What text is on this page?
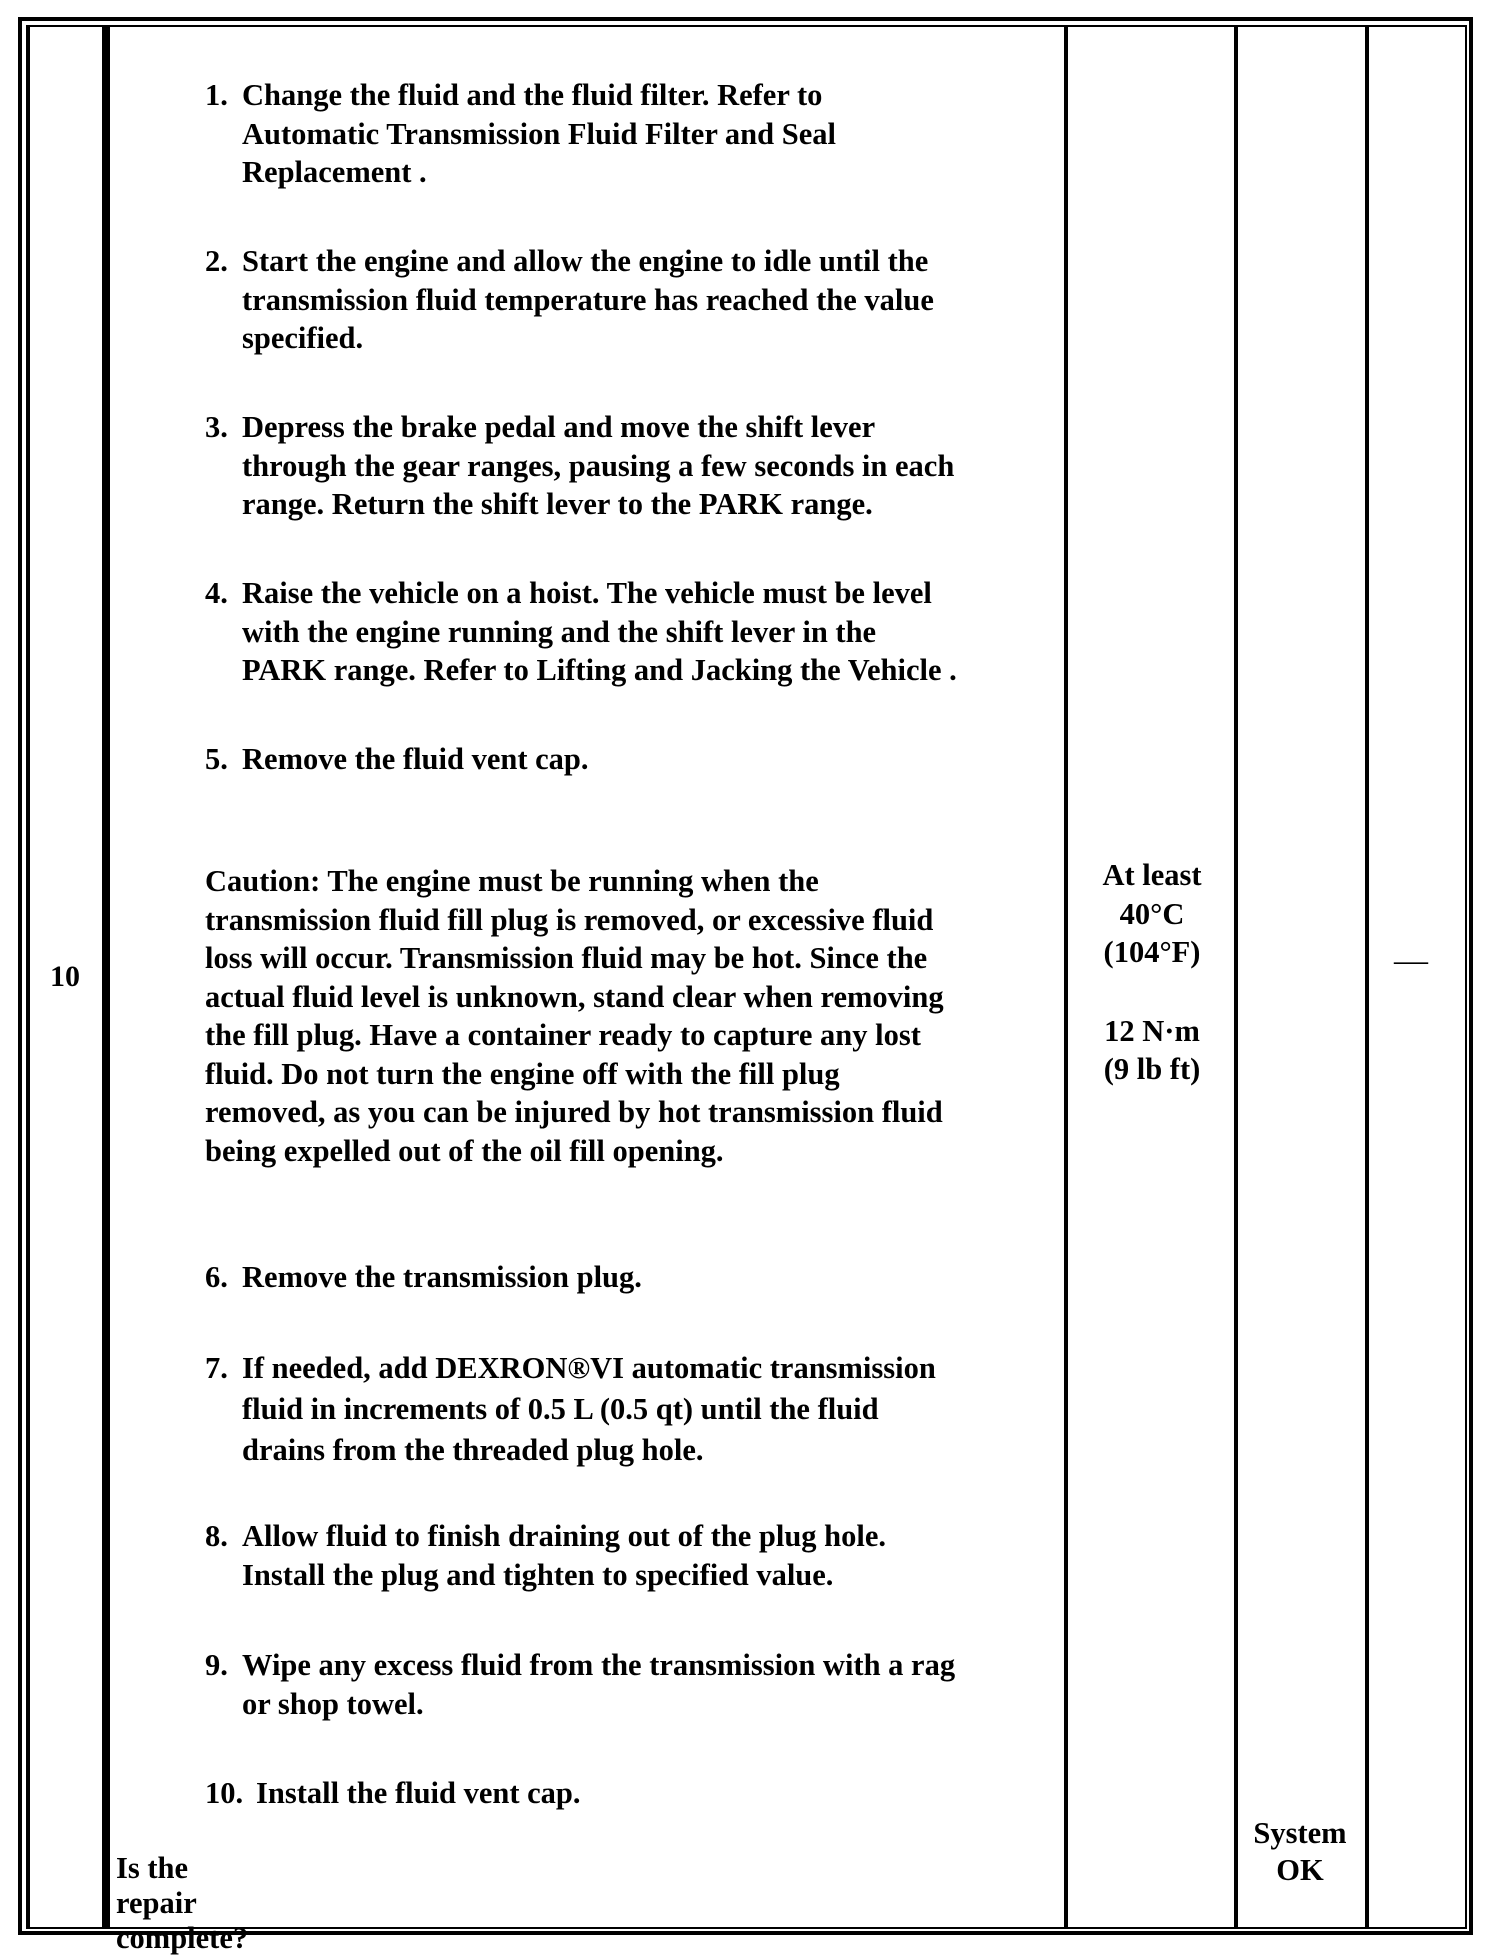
10
1. Change the fluid and the fluid filter. Refer to
Automatic Transmission Fluid Filter and Seal
Replacement .
2. Start the engine and allow the engine to idle until the
transmission fluid temperature has reached the value
specified.
3. Depress the brake pedal and move the shift lever
through the gear ranges, pausing a few seconds in each
range. Return the shift lever to the PARK range.
4. Raise the vehicle on a hoist. The vehicle must be level
with the engine running and the shift lever in the
PARK range. Refer to Lifting and Jacking the Vehicle .
5. Remove the fluid vent cap.
Caution: The engine must be running when the
transmission fluid fill plug is removed, or excessive fluid
loss will occur. Transmission fluid may be hot. Since the
actual fluid level is unknown, stand clear when removing
the fill plug. Have a container ready to capture any lost
fluid. Do not turn the engine off with the fill plug
removed, as you can be injured by hot transmission fluid
being expelled out of the oil fill opening.
6. Remove the transmission plug.
7. If needed, add DEXRON®VI automatic transmission
fluid in increments of 0.5 L (0.5 qt) until the fluid
drains from the threaded plug hole.
8. Allow fluid to finish draining out of the plug hole.
Install the plug and tighten to specified value.
9. Wipe any excess fluid from the transmission with a rag
or shop towel.
10. Install the fluid vent cap.
Is the repair complete?
At least
40°C
(104°F)
12 N·m
(9 lb ft)
System
OK
—
